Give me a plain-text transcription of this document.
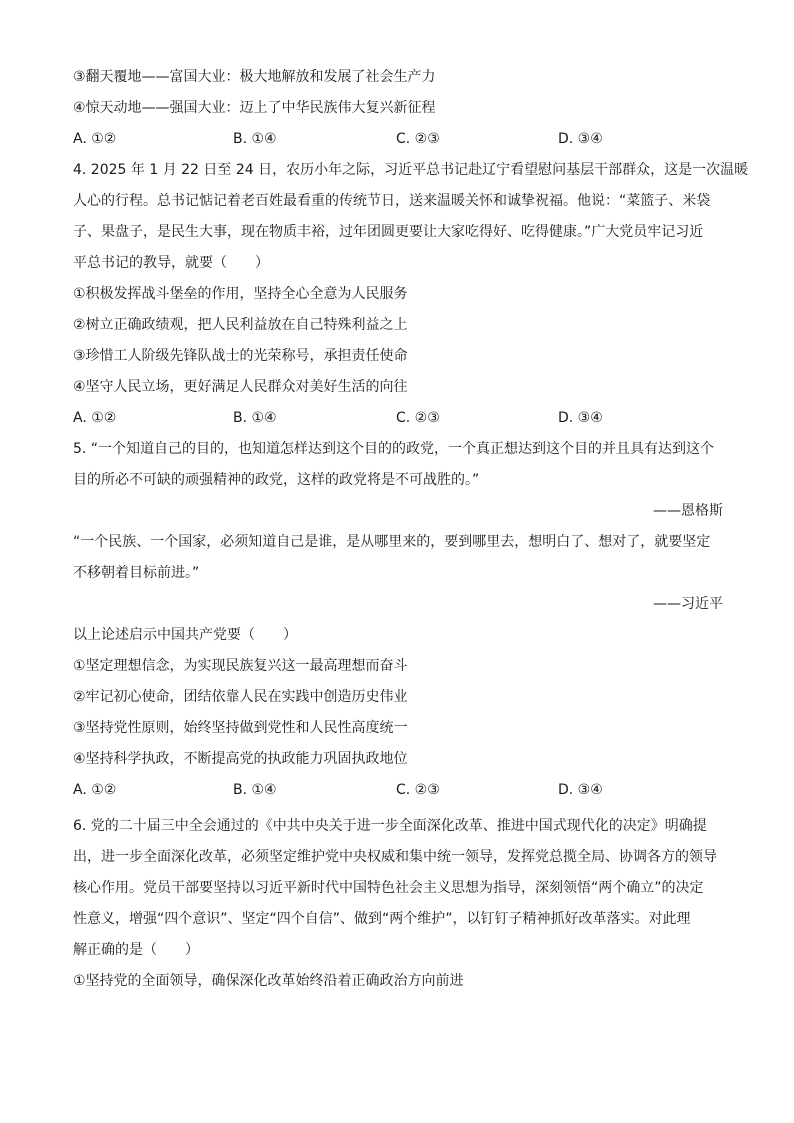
③翻天覆地——富国大业：极大地解放和发展了社会生产力
④惊天动地——强国大业：迈上了中华民族伟大复兴新征程
A. ①②	B. ①④	C. ②③	D. ③④
4. 2025 年 1 月 22 日至 24 日，农历小年之际，习近平总书记赴辽宁看望慰问基层干部群众，这是一次温暖
人心的行程。总书记惦记着老百姓最看重的传统节日，送来温暖关怀和诚挚祝福。他说：“菜篮子、米袋
子、果盘子，是民生大事，现在物质丰裕，过年团圆更要让大家吃得好、吃得健康。”广大党员牢记习近
平总书记的教导，就要（　　）
①积极发挥战斗堡垒的作用，坚持全心全意为人民服务
②树立正确政绩观，把人民利益放在自己特殊利益之上
③珍惜工人阶级先锋队战士的光荣称号，承担责任使命
④坚守人民立场，更好满足人民群众对美好生活的向往
A. ①②	B. ①④	C. ②③	D. ③④
5. “一个知道自己的目的，也知道怎样达到这个目的的政党，一个真正想达到这个目的并且具有达到这个
目的所必不可缺的顽强精神的政党，这样的政党将是不可战胜的。”
——恩格斯
“一个民族、一个国家，必须知道自己是谁，是从哪里来的，要到哪里去，想明白了、想对了，就要坚定
不移朝着目标前进。”
——习近平
以上论述启示中国共产党要（　　）
①坚定理想信念，为实现民族复兴这一最高理想而奋斗
②牢记初心使命，团结依靠人民在实践中创造历史伟业
③坚持党性原则，始终坚持做到党性和人民性高度统一
④坚持科学执政，不断提高党的执政能力巩固执政地位
A. ①②	B. ①④	C. ②③	D. ③④
6. 党的二十届三中全会通过的《中共中央关于进一步全面深化改革、推进中国式现代化的决定》明确提
出，进一步全面深化改革，必须坚定维护党中央权威和集中统一领导，发挥党总揽全局、协调各方的领导
核心作用。党员干部要坚持以习近平新时代中国特色社会主义思想为指导，深刻领悟“两个确立”的决定
性意义，增强“四个意识”、坚定“四个自信”、做到“两个维护”，以钉钉子精神抓好改革落实。对此理
解正确的是（　　）
①坚持党的全面领导，确保深化改革始终沿着正确政治方向前进
